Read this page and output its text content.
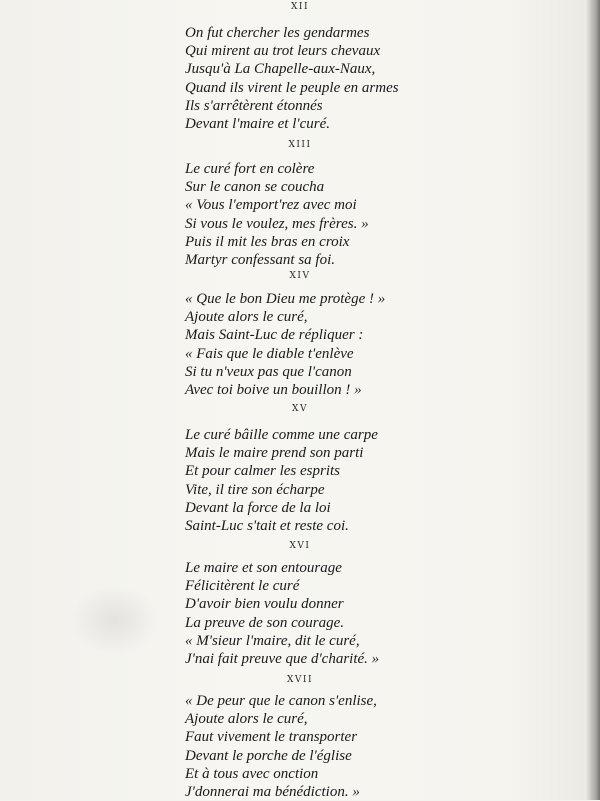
XII
On fut chercher les gendarmes
Qui mirent au trot leurs chevaux
Jusqu'à La Chapelle-aux-Naux,
Quand ils virent le peuple en armes
Ils s'arrêtèrent étonnés
Devant l'maire et l'curé.
XIII
Le curé fort en colère
Sur le canon se coucha
« Vous l'emport'rez avec moi
Si vous le voulez, mes frères. »
Puis il mit les bras en croix
Martyr confessant sa foi.
XIV
« Que le bon Dieu me protège ! »
Ajoute alors le curé,
Mais Saint-Luc de répliquer :
« Fais que le diable t'enlève
Si tu n'veux pas que l'canon
Avec toi boive un bouillon ! »
XV
Le curé bâille comme une carpe
Mais le maire prend son parti
Et pour calmer les esprits
Vite, il tire son écharpe
Devant la force de la loi
Saint-Luc s'tait et reste coi.
XVI
Le maire et son entourage
Félicitèrent le curé
D'avoir bien voulu donner
La preuve de son courage.
« M'sieur l'maire, dit le curé,
J'nai fait preuve que d'charité. »
XVII
« De peur que le canon s'enlise,
Ajoute alors le curé,
Faut vivement le transporter
Devant le porche de l'église
Et à tous avec onction
J'donnerai ma bénédiction. »
